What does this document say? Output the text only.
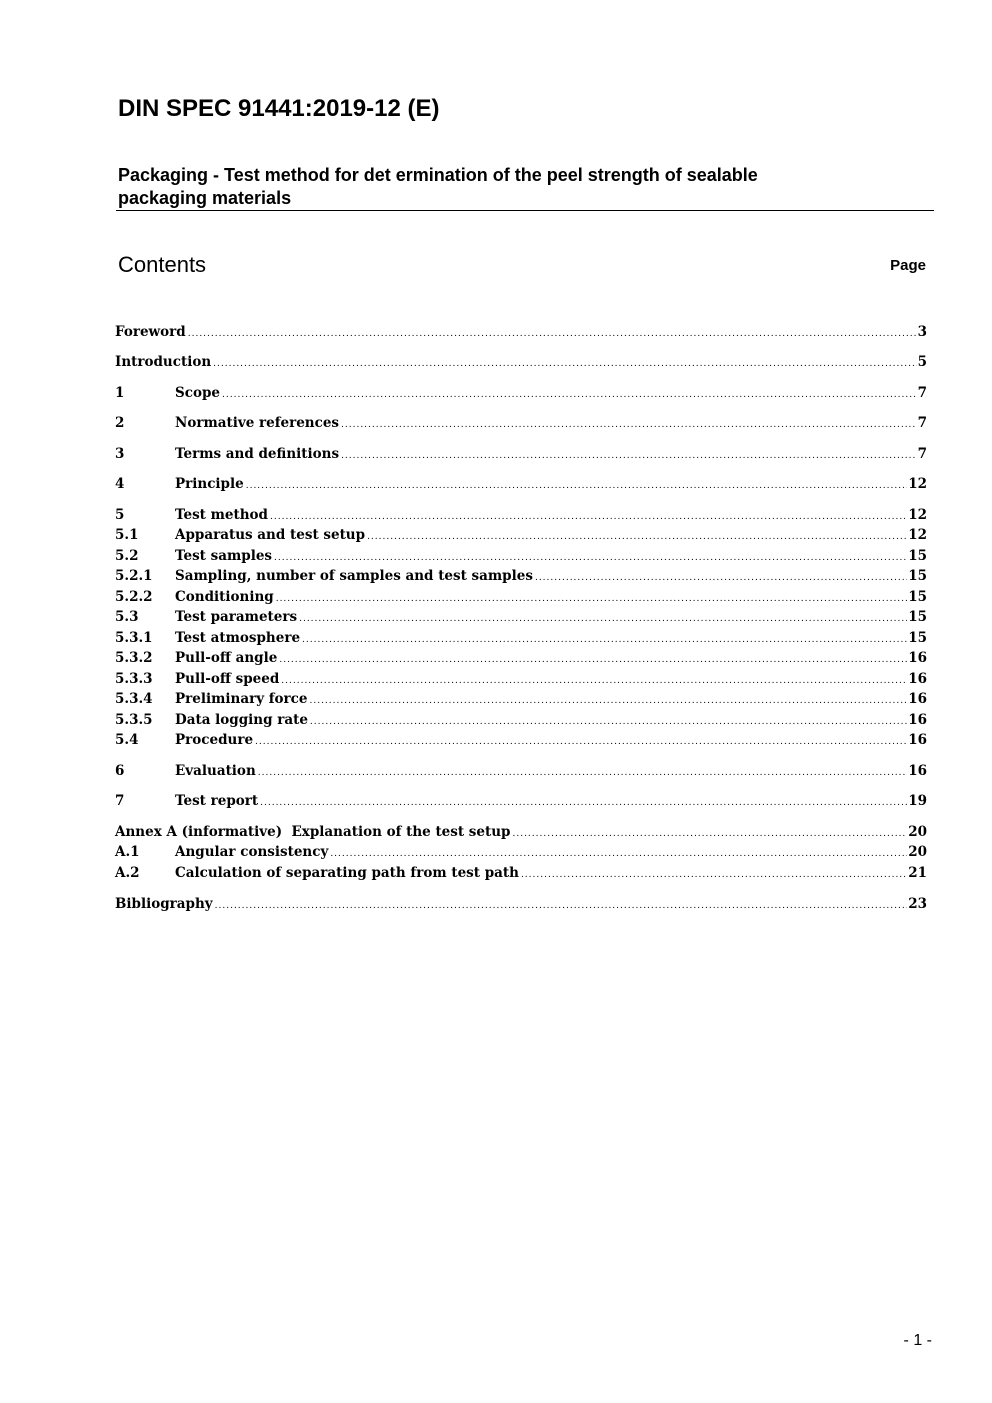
DIN SPEC 91441:2019-12 (E)
Packaging - Test method for det ermination of the peel strength of sealable
packaging materials
Contents	Page
Foreword .....	3
Introduction .....	5
1	Scope .....	7
2	Normative references .....	7
3	Terms and definitions .....	7
4	Principle .....	12
5	Test method .....	12
5.1	Apparatus and test setup .....	12
5.2	Test samples .....	15
5.2.1	Sampling, number of samples and test samples .....	15
5.2.2	Conditioning .....	15
5.3	Test parameters .....	15
5.3.1	Test atmosphere .....	15
5.3.2	Pull-off angle .....	16
5.3.3	Pull-off speed .....	16
5.3.4	Preliminary force .....	16
5.3.5	Data logging rate .....	16
5.4	Procedure .....	16
6	Evaluation .....	16
7	Test report .....	19
Annex A (informative)  Explanation of the test setup .....	20
A.1	Angular consistency .....	20
A.2	Calculation of separating path from test path .....	21
Bibliography .....	23
- 1 -
